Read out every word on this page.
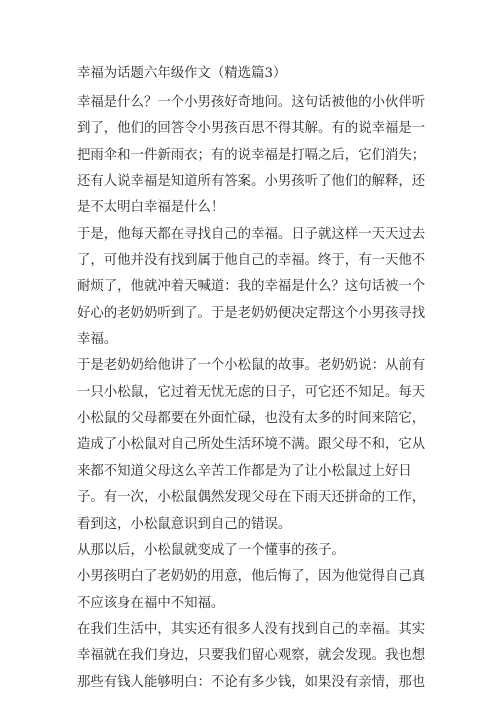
幸福为话题六年级作文（精选篇3）
幸福是什么？一个小男孩好奇地问。这句话被他的小伙伴听
到了，他们的回答令小男孩百思不得其解。有的说幸福是一
把雨伞和一件新雨衣；有的说幸福是打嗝之后，它们消失；
还有人说幸福是知道所有答案。小男孩听了他们的解释，还
是不太明白幸福是什么！
于是，他每天都在寻找自己的幸福。日子就这样一天天过去
了，可他并没有找到属于他自己的幸福。终于，有一天他不
耐烦了，他就冲着天喊道：我的幸福是什么？这句话被一个
好心的老奶奶听到了。于是老奶奶便决定帮这个小男孩寻找
幸福。
于是老奶奶给他讲了一个小松鼠的故事。老奶奶说：从前有
一只小松鼠，它过着无忧无虑的日子，可它还不知足。每天
小松鼠的父母都要在外面忙碌，也没有太多的时间来陪它，
造成了小松鼠对自己所处生活环境不满。跟父母不和，它从
来都不知道父母这么辛苦工作都是为了让小松鼠过上好日
子。有一次，小松鼠偶然发现父母在下雨天还拼命的工作，
看到这，小松鼠意识到自己的错误。
从那以后，小松鼠就变成了一个懂事的孩子。
小男孩明白了老奶奶的用意，他后悔了，因为他觉得自己真
不应该身在福中不知福。
在我们生活中，其实还有很多人没有找到自己的幸福。其实
幸福就在我们身边，只要我们留心观察，就会发现。我也想
那些有钱人能够明白：不论有多少钱，如果没有亲情，那也
